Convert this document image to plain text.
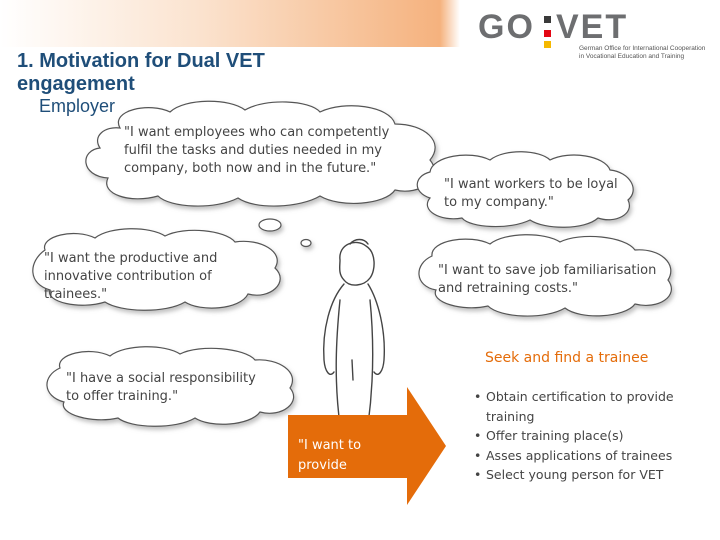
1. Motivation for Dual VET engagement
Employer
GO VET
German Office for International Cooperation
in Vocational Education and Training
"I want employees who can competently fulfil the tasks and duties needed in my company, both now and in the future."
"I want workers to be loyal to my company."
"I want the productive and innovative contribution of trainees."
"I want to save job familiarisation and retraining costs."
"I have a social responsibility to offer training."
"I want to provide training."
Seek and find a trainee
• Obtain certification to provide training
• Offer training place(s)
• Asses applications of trainees
• Select young person for VET
